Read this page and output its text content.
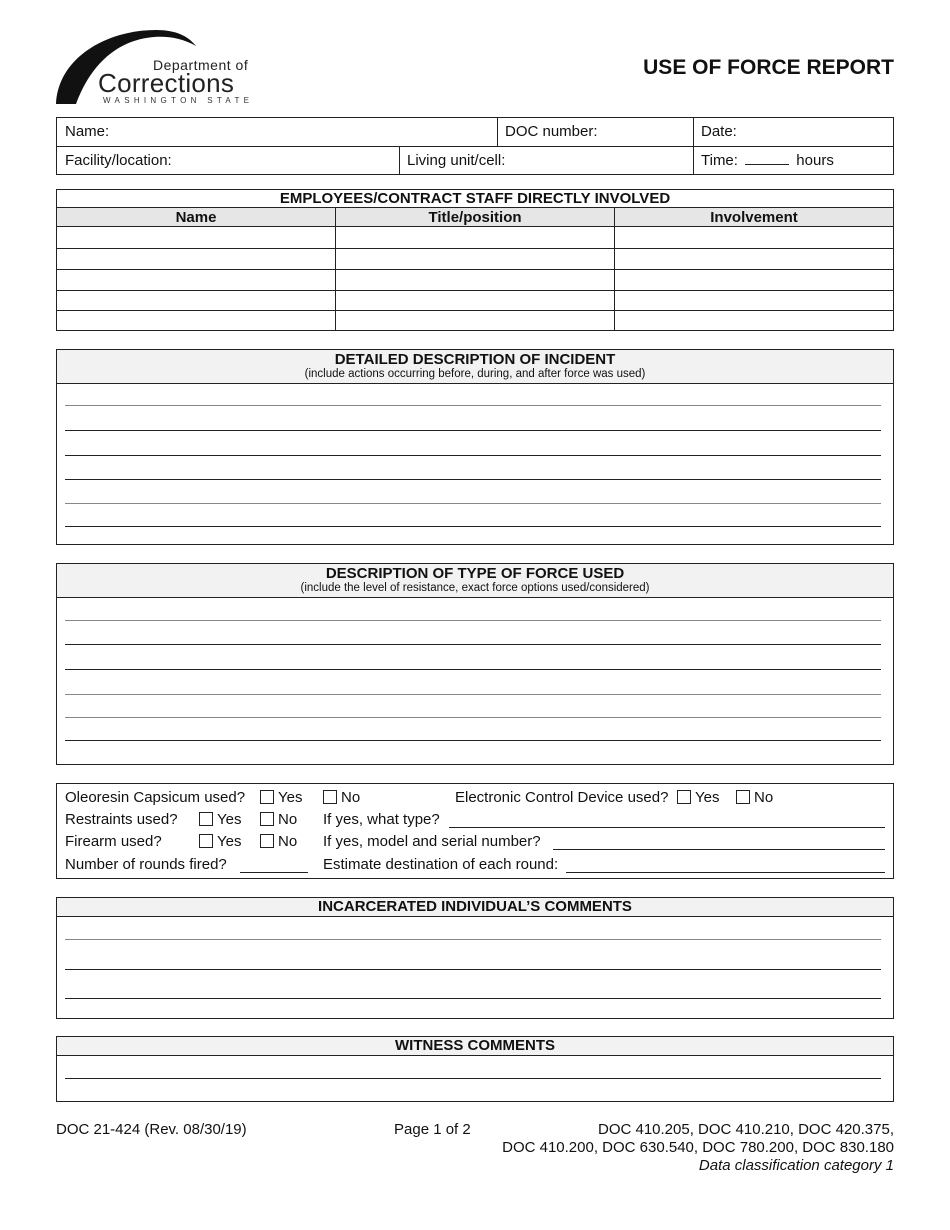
Department of
Corrections
WASHINGTON STATE
USE OF FORCE REPORT
Name:	DOC number:	Date:
Facility/location:	Living unit/cell:	Time:	hours
EMPLOYEES/CONTRACT STAFF DIRECTLY INVOLVED
Name	Title/position	Involvement
DETAILED DESCRIPTION OF INCIDENT
(include actions occurring before, during, and after force was used)
DESCRIPTION OF TYPE OF FORCE USED
(include the level of resistance, exact force options used/considered)
Oleoresin Capsicum used?	Yes	No	Electronic Control Device used?	Yes	No
Restraints used?	Yes	No If yes, what type?
Firearm used?	Yes	No If yes, model and serial number?
Number of rounds fired?	Estimate destination of each round:
INCARCERATED INDIVIDUAL’S COMMENTS
WITNESS COMMENTS
DOC 21-424 (Rev. 08/30/19)	Page 1 of 2	DOC 410.205, DOC 410.210, DOC 420.375,
DOC 410.200, DOC 630.540, DOC 780.200, DOC 830.180
Data classification category 1
